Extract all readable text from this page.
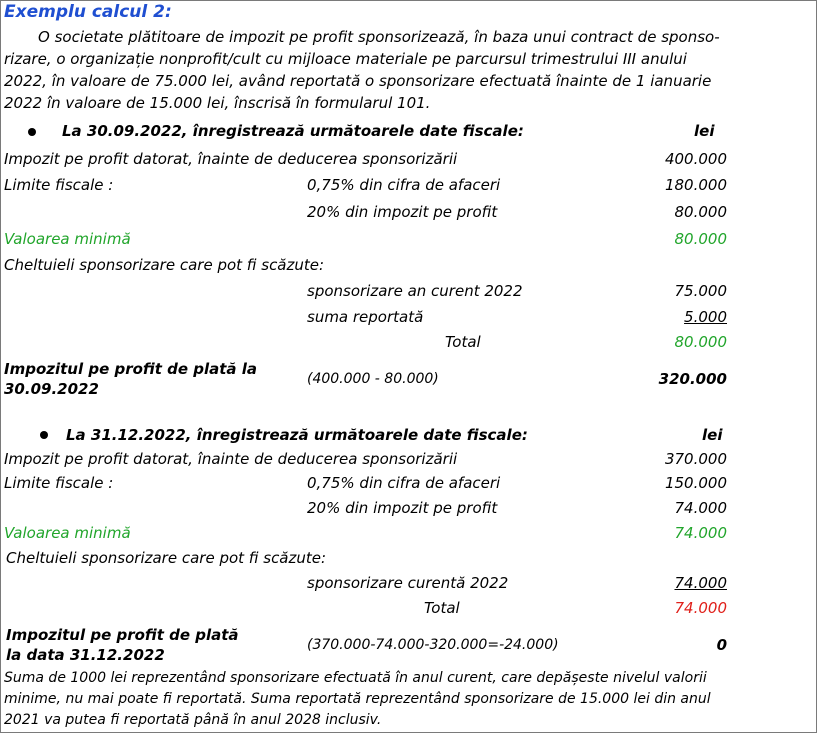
Exemplu calcul 2:
O societate plătitoare de impozit pe profit sponsorizează, în baza unui contract de sponso-
rizare, o organizație nonprofit/cult cu mijloace materiale pe parcursul trimestrului III anului
2022, în valoare de 75.000 lei, având reportată o sponsorizare efectuată înainte de 1 ianuarie
2022 în valoare de 15.000 lei, înscrisă în formularul 101.
La 30.09.2022, înregistrează următoarele date fiscale:	lei
Impozit pe profit datorat, înainte de deducerea sponsorizării	400.000
Limite fiscale :	0,75% din cifra de afaceri	180.000
20% din impozit pe profit	80.000
Valoarea minimă	80.000
Cheltuieli sponsorizare care pot fi scăzute:
sponsorizare an curent 2022	75.000
suma reportată	5.000
Total	80.000
Impozitul pe profit de plată la
30.09.2022
(400.000 - 80.000)	320.000
La 31.12.2022, înregistrează următoarele date fiscale:	lei
Impozit pe profit datorat, înainte de deducerea sponsorizării	370.000
Limite fiscale :	0,75% din cifra de afaceri	150.000
20% din impozit pe profit	74.000
Valoarea minimă	74.000
Cheltuieli sponsorizare care pot fi scăzute:
sponsorizare curentă 2022	74.000
Total	74.000
Impozitul pe profit de plată
la data 31.12.2022
(370.000-74.000-320.000=-24.000)	0
Suma de 1000 lei reprezentând sponsorizare efectuată în anul curent, care depășeste nivelul valorii
minime, nu mai poate fi reportată. Suma reportată reprezentând sponsorizare de 15.000 lei din anul
2021 va putea fi reportată până în anul 2028 inclusiv.
